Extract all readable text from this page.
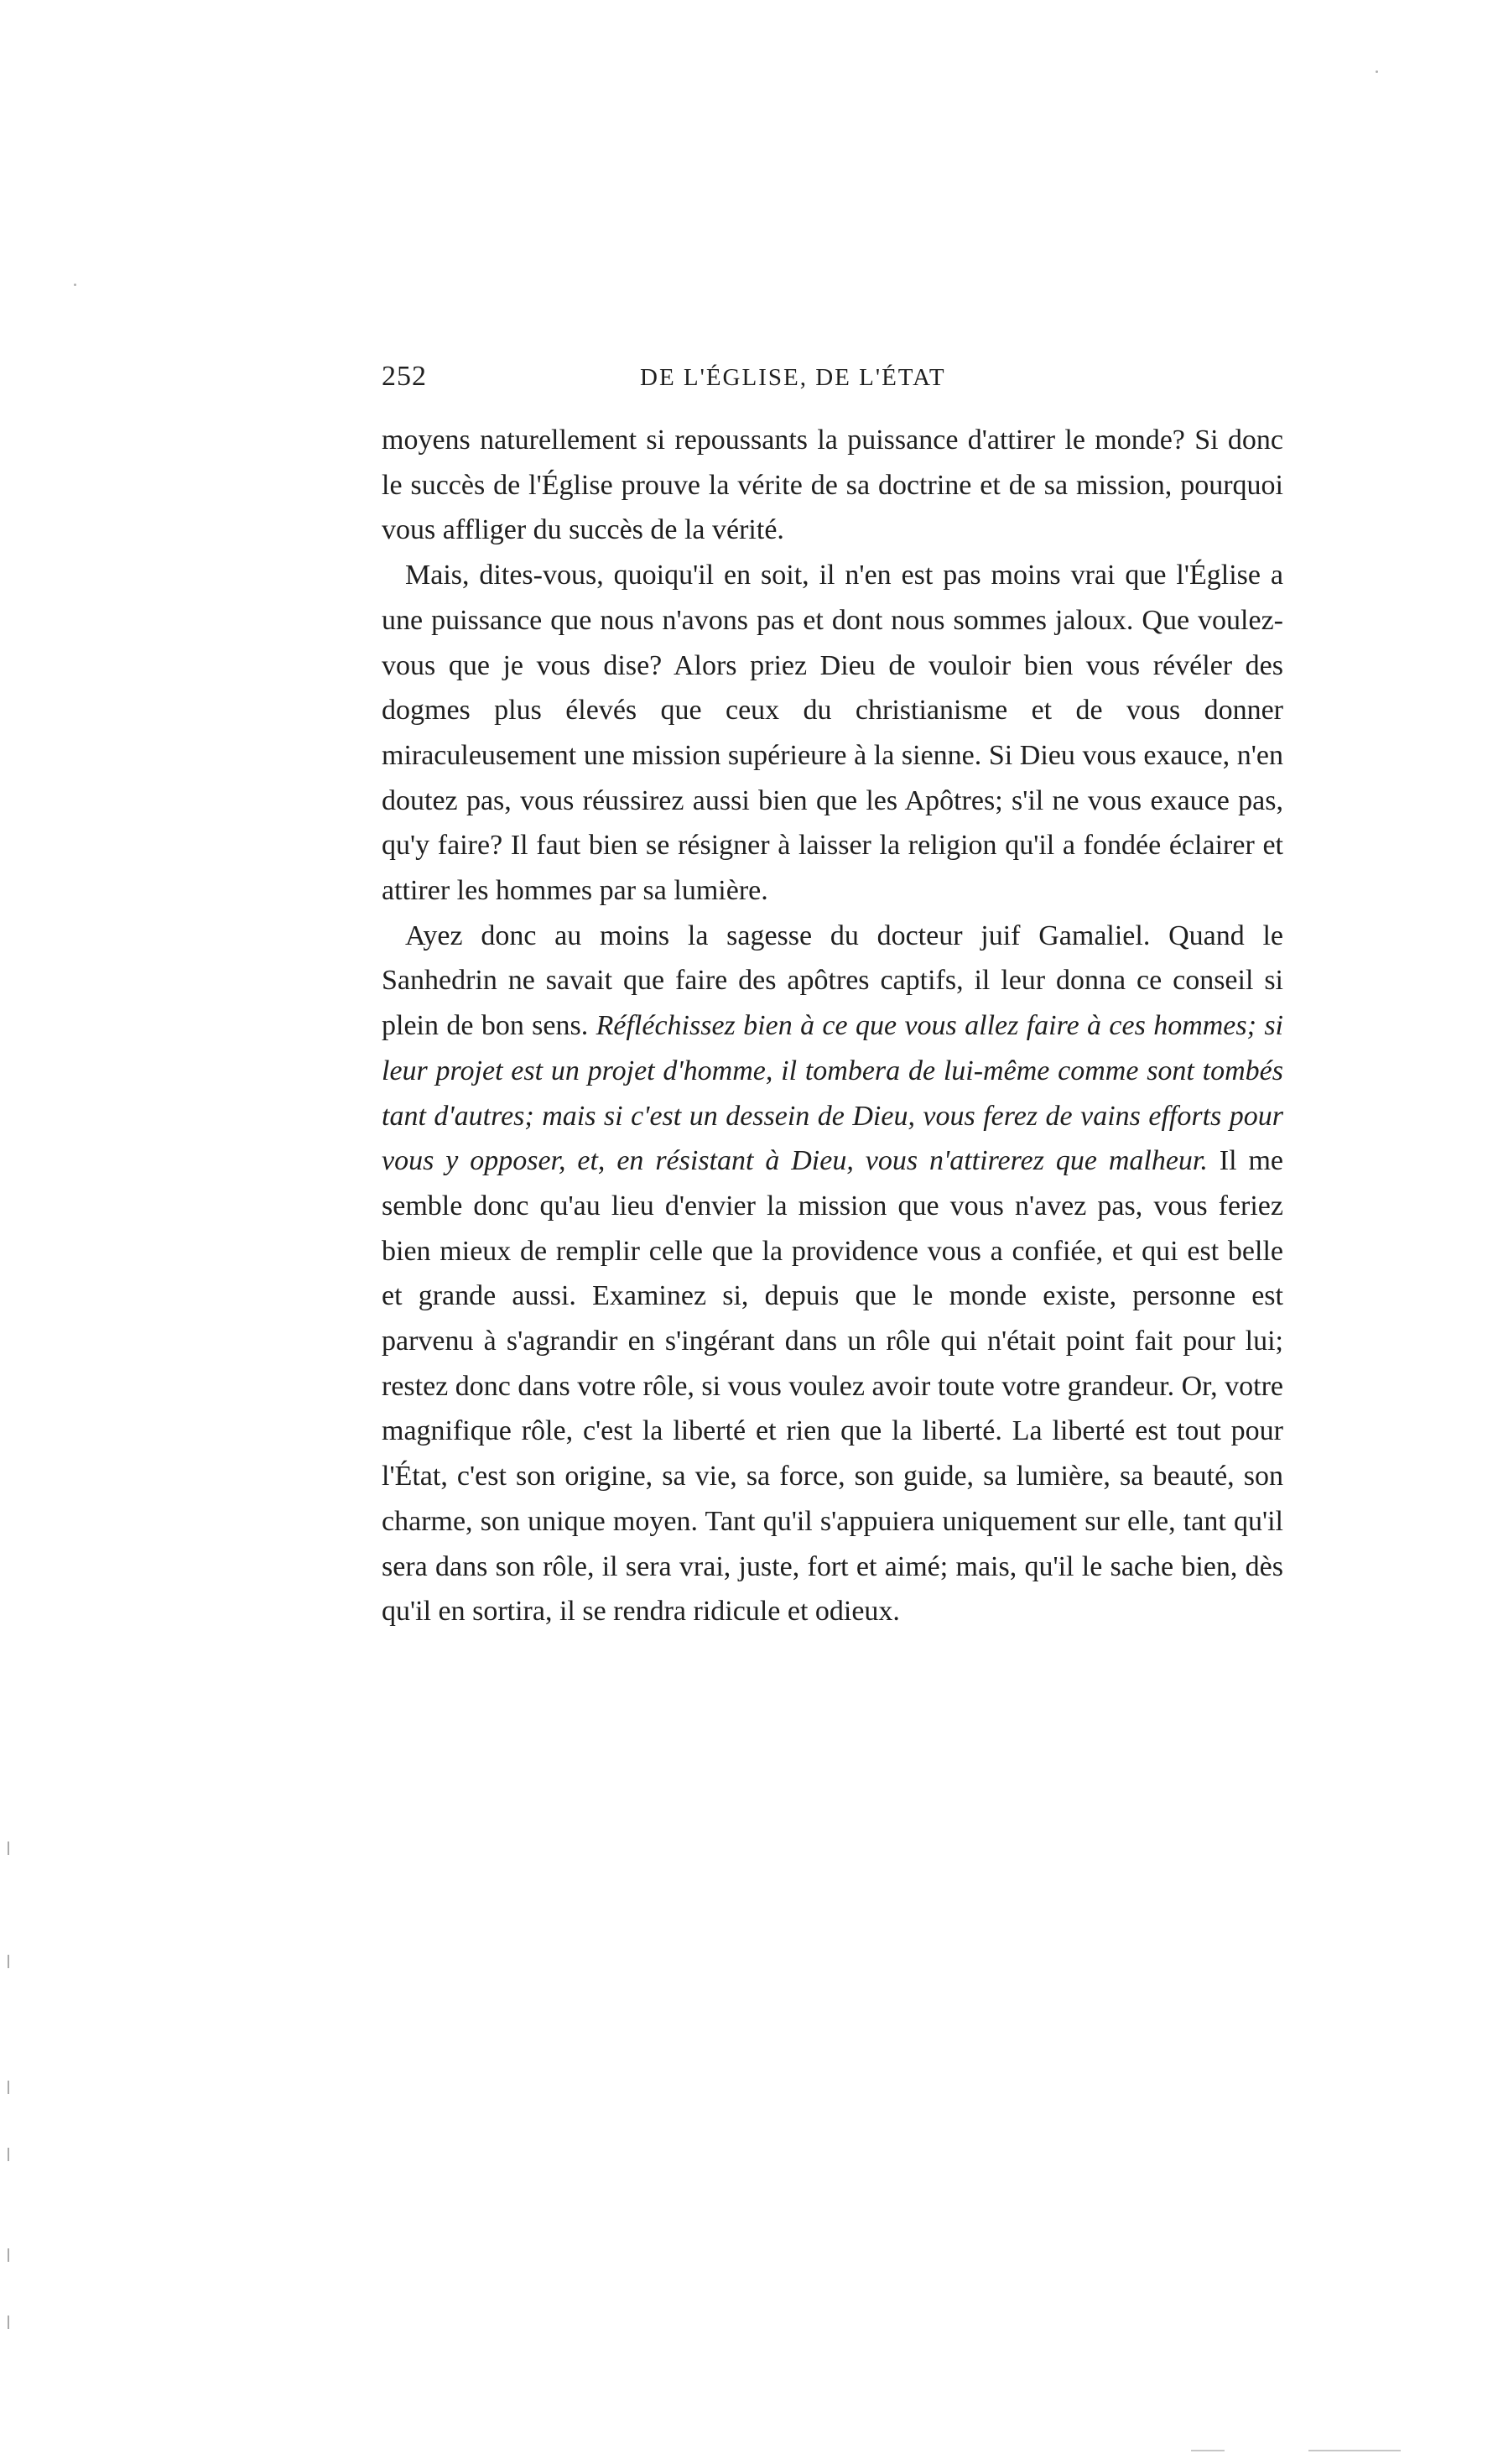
252	DE L'ÉGLISE, DE L'ÉTAT

moyens naturellement si repoussants la puissance d'attirer le monde? Si donc le succès de l'Église prouve la vérite de sa doctrine et de sa mission, pourquoi vous affliger du succès de la vérité.

Mais, dites-vous, quoiqu'il en soit, il n'en est pas moins vrai que l'Église a une puissance que nous n'avons pas et dont nous sommes jaloux. Que voulez-vous que je vous dise? Alors priez Dieu de vouloir bien vous révéler des dogmes plus élevés que ceux du christianisme et de vous donner miraculeusement une mission supérieure à la sienne. Si Dieu vous exauce, n'en doutez pas, vous réussirez aussi bien que les Apôtres; s'il ne vous exauce pas, qu'y faire? Il faut bien se résigner à laisser la religion qu'il a fondée éclairer et attirer les hommes par sa lumière.

Ayez donc au moins la sagesse du docteur juif Gamaliel. Quand le Sanhedrin ne savait que faire des apôtres captifs, il leur donna ce conseil si plein de bon sens. Réfléchissez bien à ce que vous allez faire à ces hommes; si leur projet est un projet d'homme, il tombera de lui-même comme sont tombés tant d'autres; mais si c'est un dessein de Dieu, vous ferez de vains efforts pour vous y opposer, et, en résistant à Dieu, vous n'attirerez que malheur. Il me semble donc qu'au lieu d'envier la mission que vous n'avez pas, vous feriez bien mieux de remplir celle que la providence vous a confiée, et qui est belle et grande aussi. Examinez si, depuis que le monde existe, personne est parvenu à s'agrandir en s'ingérant dans un rôle qui n'était point fait pour lui; restez donc dans votre rôle, si vous voulez avoir toute votre grandeur. Or, votre magnifique rôle, c'est la liberté et rien que la liberté. La liberté est tout pour l'État, c'est son origine, sa vie, sa force, son guide, sa lumière, sa beauté, son charme, son unique moyen. Tant qu'il s'appuiera uniquement sur elle, tant qu'il sera dans son rôle, il sera vrai, juste, fort et aimé; mais, qu'il le sache bien, dès qu'il en sortira, il se rendra ridicule et odieux.
